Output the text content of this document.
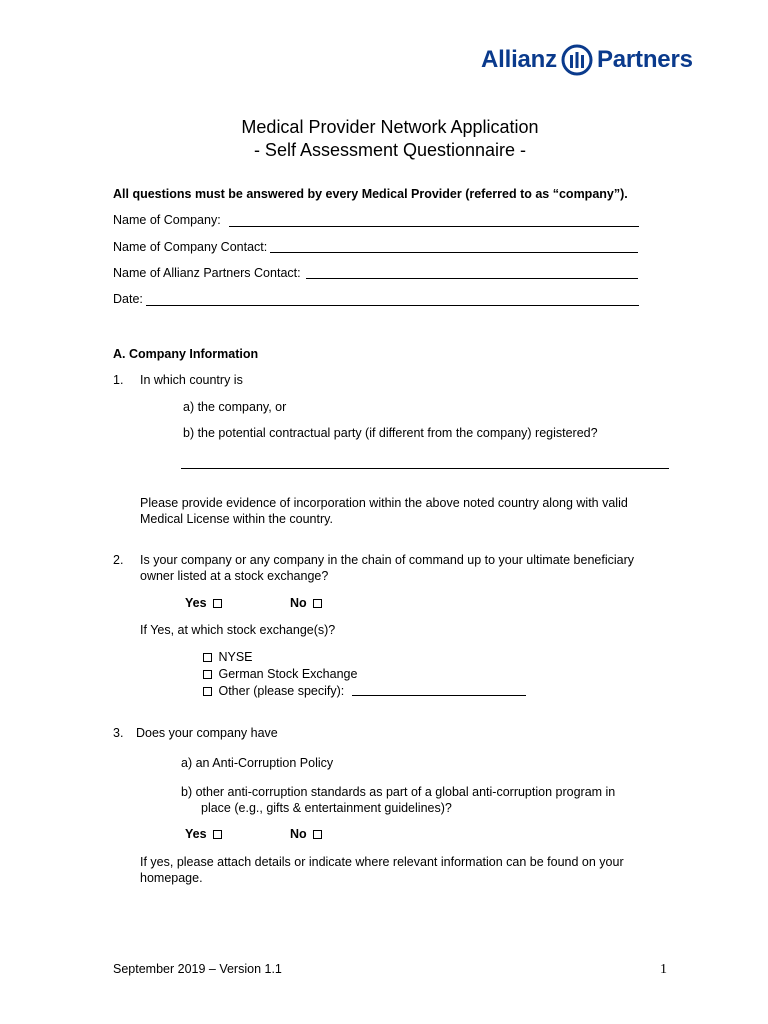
Allianz Partners
Medical Provider Network Application
- Self Assessment Questionnaire -
All questions must be answered by every Medical Provider (referred to as “company”).
Name of Company:
Name of Company Contact:
Name of Allianz Partners Contact:
Date:
A. Company Information
1. In which country is
a) the company, or
b) the potential contractual party (if different from the company) registered?
Please provide evidence of incorporation within the above noted country along with valid
Medical License within the country.
2. Is your company or any company in the chain of command up to your ultimate beneficiary
owner listed at a stock exchange?
Yes	No
If Yes, at which stock exchange(s)?
NYSE
German Stock Exchange
Other (please specify):
3. Does your company have
a) an Anti-Corruption Policy
b) other anti-corruption standards as part of a global anti-corruption program in
place (e.g., gifts & entertainment guidelines)?
Yes	No
If yes, please attach details or indicate where relevant information can be found on your
homepage.
September 2019 – Version 1.1	1
